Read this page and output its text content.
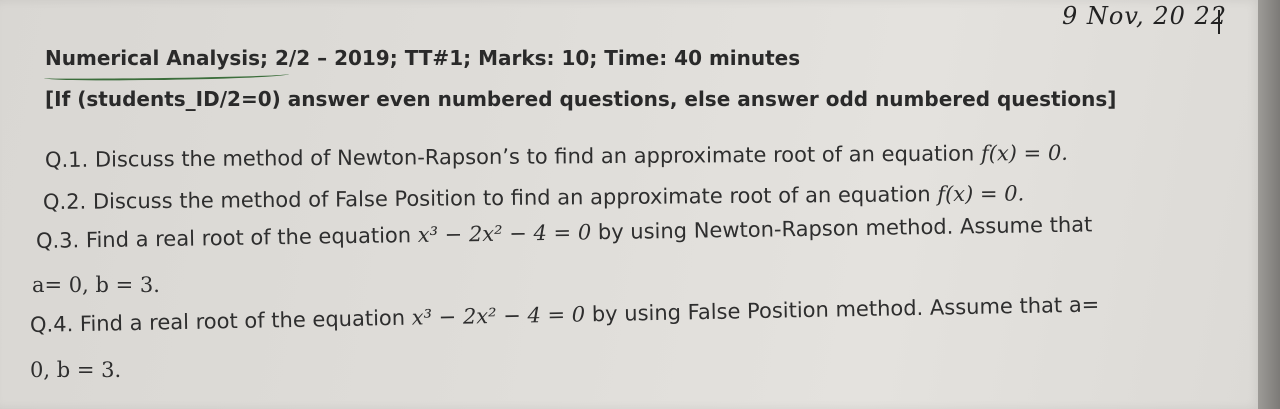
9 Nov, 20 22
Numerical Analysis; 2/2 – 2019; TT#1; Marks: 10; Time: 40 minutes
[If (students_ID/2=0) answer even numbered questions, else answer odd numbered questions]
Q.1. Discuss the method of Newton-Rapson’s to find an approximate root of an equation f(x) = 0.
Q.2. Discuss the method of False Position to find an approximate root of an equation f(x) = 0.
Q.3. Find a real root of the equation x³ − 2x² − 4 = 0 by using Newton-Rapson method. Assume that
a= 0, b = 3.
Q.4. Find a real root of the equation x³ − 2x² − 4 = 0 by using False Position method. Assume that a=
0, b = 3.
